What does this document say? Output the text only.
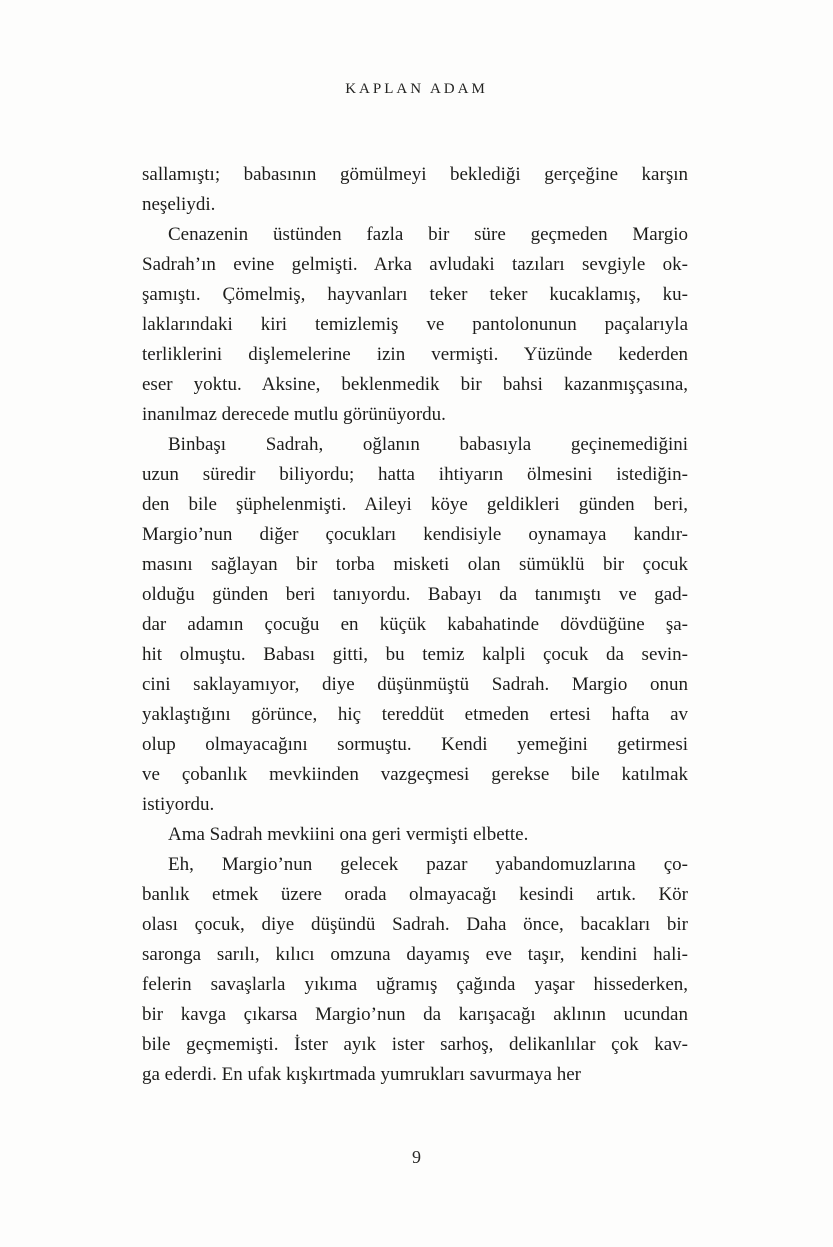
KAPLAN ADAM
sallamıştı; babasının gömülmeyi beklediği gerçeğine karşın
neşeliydi.
Cenazenin üstünden fazla bir süre geçmeden Margio
Sadrah’ın evine gelmişti. Arka avludaki tazıları sevgiyle ok-
şamıştı. Çömelmiş, hayvanları teker teker kucaklamış, ku-
laklarındaki kiri temizlemiş ve pantolonunun paçalarıyla
terliklerini dişlemelerine izin vermişti. Yüzünde kederden
eser yoktu. Aksine, beklenmedik bir bahsi kazanmışçasına,
inanılmaz derecede mutlu görünüyordu.
Binbaşı Sadrah, oğlanın babasıyla geçinemediğini
uzun süredir biliyordu; hatta ihtiyarın ölmesini istediğin-
den bile şüphelenmişti. Aileyi köye geldikleri günden beri,
Margio’nun diğer çocukları kendisiyle oynamaya kandır-
masını sağlayan bir torba misketi olan sümüklü bir çocuk
olduğu günden beri tanıyordu. Babayı da tanımıştı ve gad-
dar adamın çocuğu en küçük kabahatinde dövdüğüne şa-
hit olmuştu. Babası gitti, bu temiz kalpli çocuk da sevin-
cini saklayamıyor, diye düşünmüştü Sadrah. Margio onun
yaklaştığını görünce, hiç tereddüt etmeden ertesi hafta av
olup olmayacağını sormuştu. Kendi yemeğini getirmesi
ve çobanlık mevkiinden vazgeçmesi gerekse bile katılmak
istiyordu.
Ama Sadrah mevkiini ona geri vermişti elbette.
Eh, Margio’nun gelecek pazar yabandomuzlarına ço-
banlık etmek üzere orada olmayacağı kesindi artık. Kör
olası çocuk, diye düşündü Sadrah. Daha önce, bacakları bir
saronga sarılı, kılıcı omzuna dayamış eve taşır, kendini hali-
felerin savaşlarla yıkıma uğramış çağında yaşar hissederken,
bir kavga çıkarsa Margio’nun da karışacağı aklının ucundan
bile geçmemişti. İster ayık ister sarhoş, delikanlılar çok kav-
ga ederdi. En ufak kışkırtmada yumrukları savurmaya her
9
